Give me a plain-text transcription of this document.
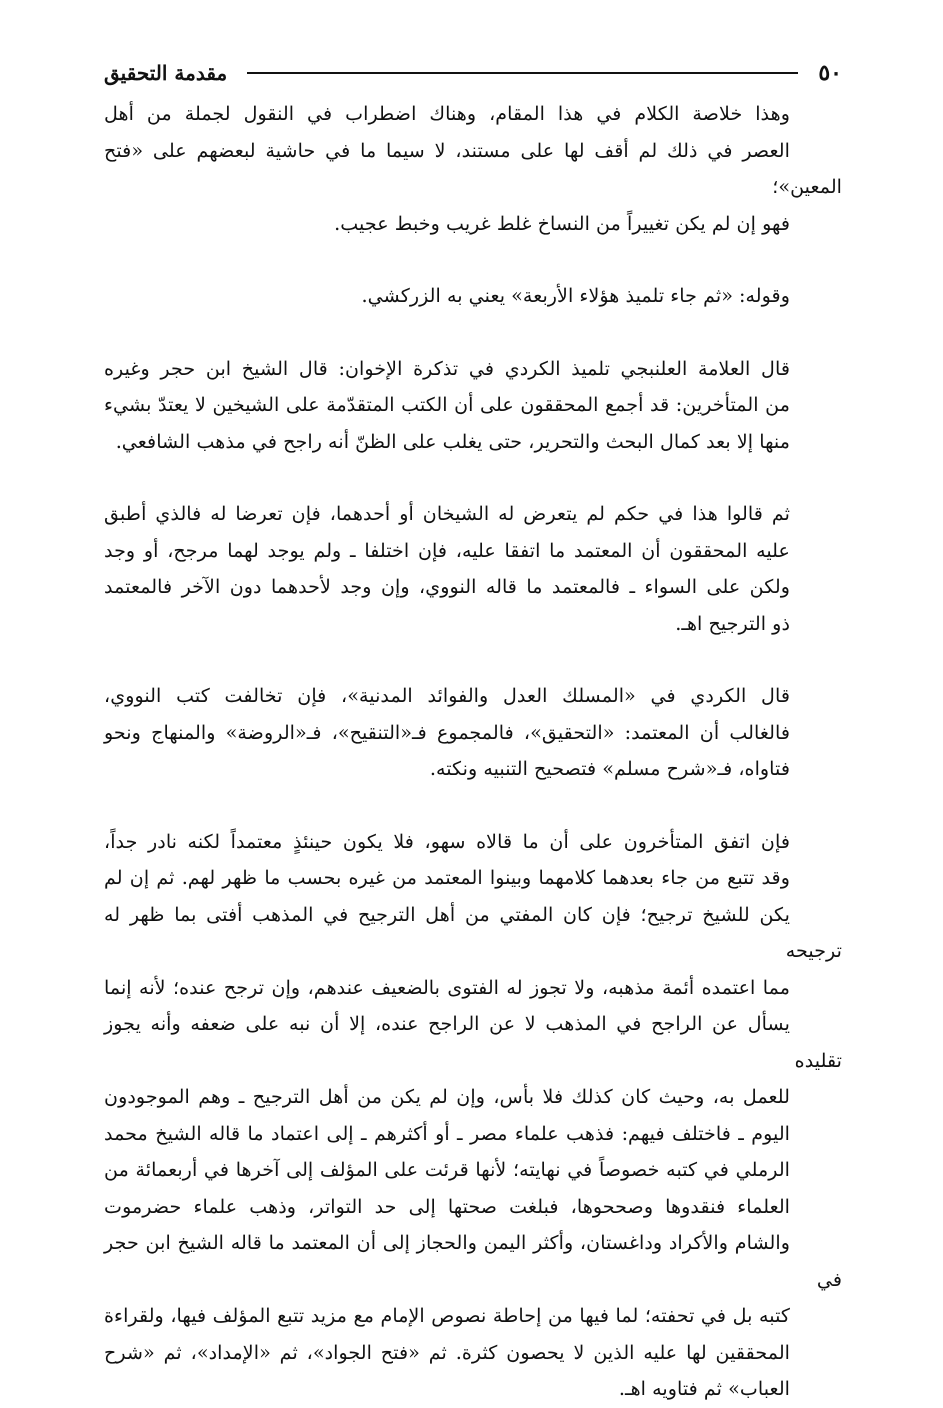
٥٠
مقدمة التحقيق

وهذا خلاصة الكلام في هذا المقام، وهناك اضطراب في النقول لجملة من أهل
العصر في ذلك لم أقف لها على مستند، لا سيما ما في حاشية لبعضهم على «فتح المعين»؛
فهو إن لم يكن تغييراً من النساخ غلط غريب وخبط عجيب.

وقوله: «ثم جاء تلميذ هؤلاء الأربعة» يعني به الزركشي.

قال العلامة العلنبجي تلميذ الكردي في تذكرة الإخوان: قال الشيخ ابن حجر وغيره
من المتأخرين: قد أجمع المحققون على أن الكتب المتقدّمة على الشيخين لا يعتدّ بشيء
منها إلا بعد كمال البحث والتحرير، حتى يغلب على الظنّ أنه راجح في مذهب الشافعي.

ثم قالوا هذا في حكم لم يتعرض له الشيخان أو أحدهما، فإن تعرضا له فالذي أطبق
عليه المحققون أن المعتمد ما اتفقا عليه، فإن اختلفا ـ ولم يوجد لهما مرجح، أو وجد
ولكن على السواء ـ فالمعتمد ما قاله النووي، وإن وجد لأحدهما دون الآخر فالمعتمد
ذو الترجيح اهـ.

قال الكردي في «المسلك العدل والفوائد المدنية»، فإن تخالفت كتب النووي،
فالغالب أن المعتمد: «التحقيق»، فالمجموع فـ«التنقيح»، فـ«الروضة» والمنهاج ونحو
فتاواه، فـ«شرح مسلم» فتصحيح التنبيه ونكته.

فإن اتفق المتأخرون على أن ما قالاه سهو، فلا يكون حينئذٍ معتمداً لكنه نادر جداً،
وقد تتبع من جاء بعدهما كلامهما وبينوا المعتمد من غيره بحسب ما ظهر لهم. ثم إن لم
يكن للشيخ ترجيح؛ فإن كان المفتي من أهل الترجيح في المذهب أفتى بما ظهر له ترجيحه
مما اعتمده أئمة مذهبه، ولا تجوز له الفتوى بالضعيف عندهم، وإن ترجح عنده؛ لأنه إنما
يسأل عن الراجح في المذهب لا عن الراجح عنده، إلا أن نبه على ضعفه وأنه يجوز تقليده
للعمل به، وحيث كان كذلك فلا بأس، وإن لم يكن من أهل الترجيح ـ وهم الموجودون
اليوم ـ فاختلف فيهم: فذهب علماء مصر ـ أو أكثرهم ـ إلى اعتماد ما قاله الشيخ محمد
الرملي في كتبه خصوصاً في نهايته؛ لأنها قرئت على المؤلف إلى آخرها في أربعمائة من
العلماء فنقدوها وصححوها، فبلغت صحتها إلى حد التواتر، وذهب علماء حضرموت
والشام والأكراد وداغستان، وأكثر اليمن والحجاز إلى أن المعتمد ما قاله الشيخ ابن حجر في
كتبه بل في تحفته؛ لما فيها من إحاطة نصوص الإمام مع مزيد تتبع المؤلف فيها، ولقراءة
المحققين لها عليه الذين لا يحصون كثرة. ثم «فتح الجواد»، ثم «الإمداد»، ثم «شرح
العباب» ثم فتاويه اهـ.
